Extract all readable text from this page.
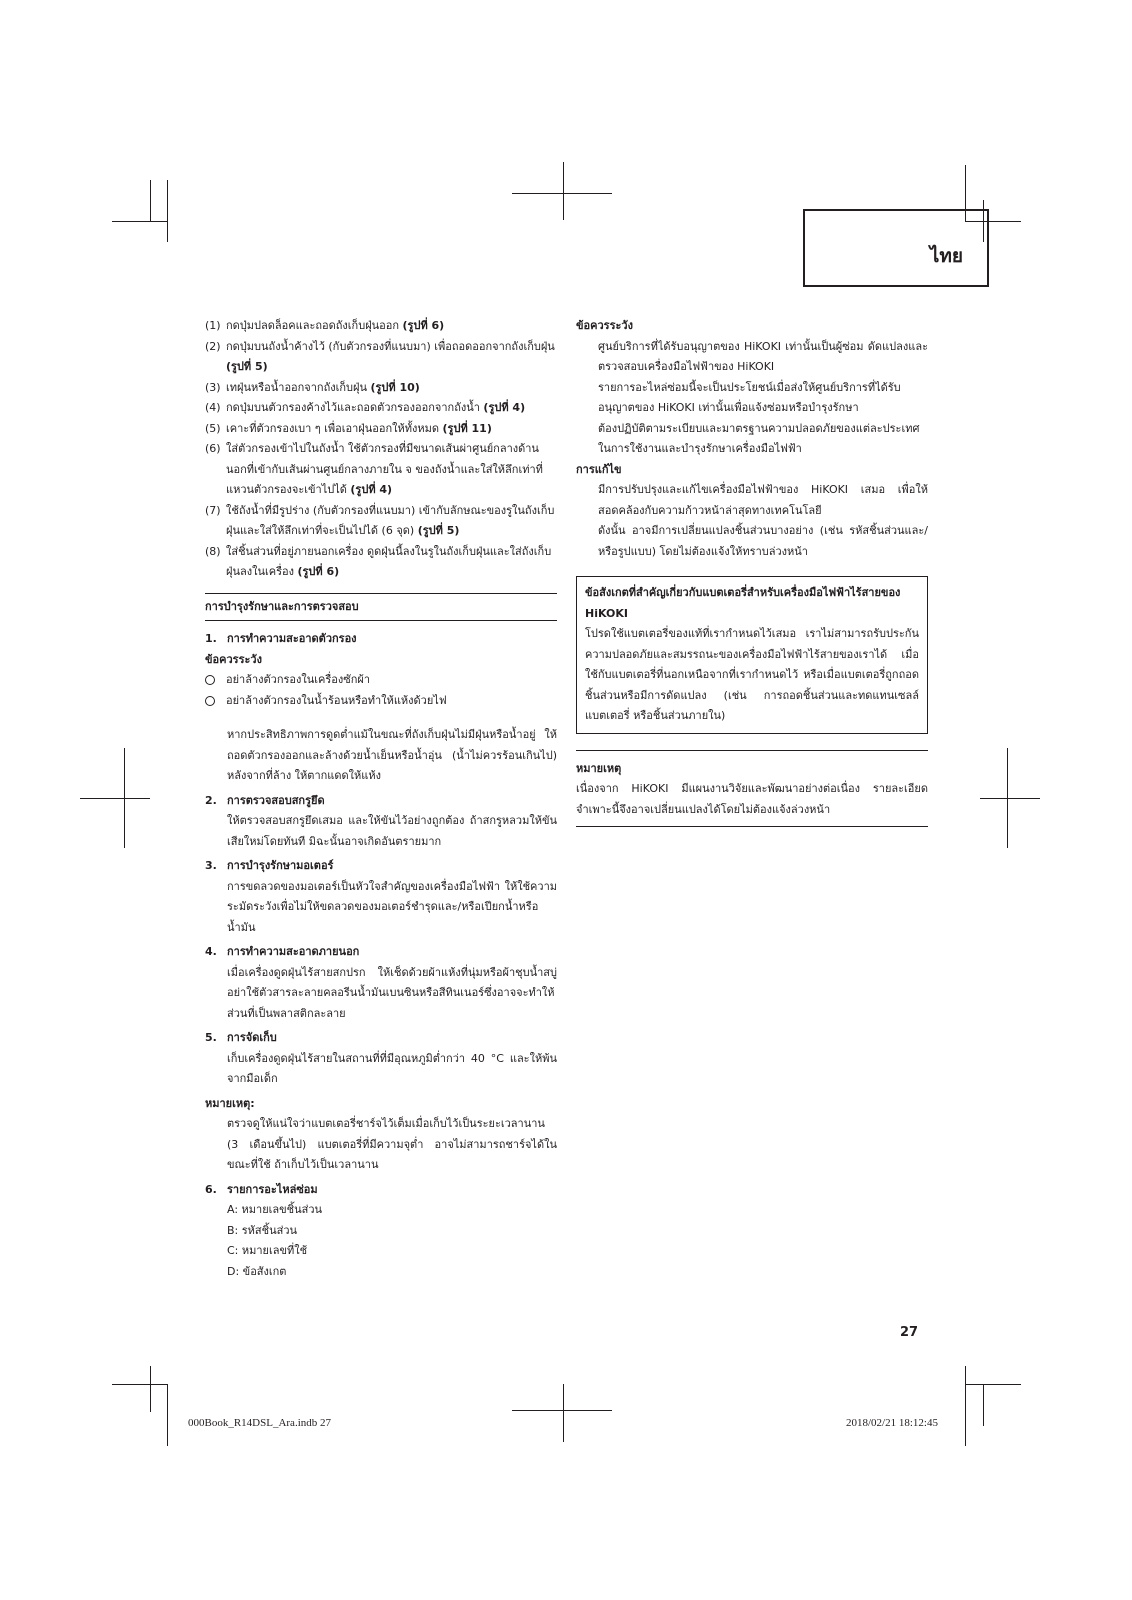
ไทย
(1) กดปุ่มปลดล็อคและถอดถังเก็บฝุ่นออก (รูปที่ 6)
(2) กดปุ่มบนถังน้ำค้างไว้ (กับตัวกรองที่แนบมา) เพื่อถอดออกจากถังเก็บฝุ่น (รูปที่ 5)
(3) เทฝุ่นหรือน้ำออกจากถังเก็บฝุ่น (รูปที่ 10)
(4) กดปุ่มบนตัวกรองค้างไว้และถอดตัวกรองออกจากถังน้ำ (รูปที่ 4)
(5) เคาะที่ตัวกรองเบา ๆ เพื่อเอาฝุ่นออกให้ทั้งหมด (รูปที่ 11)
(6) ใส่ตัวกรองเข้าไปในถังน้ำ ใช้ตัวกรองที่มีขนาดเส้นผ่าศูนย์กลางด้านนอกที่เข้ากับเส้นผ่านศูนย์กลางภายใน จ ของถังน้ำและใส่ให้ลึกเท่าที่แหวนตัวกรองจะเข้าไปได้ (รูปที่ 4)
(7) ใช้ถังน้ำที่มีรูปร่าง (กับตัวกรองที่แนบมา) เข้ากับลักษณะของรูในถังเก็บฝุ่นและใส่ให้ลึกเท่าที่จะเป็นไปได้ (6 จุด) (รูปที่ 5)
(8) ใส่ชิ้นส่วนที่อยู่ภายนอกเครื่อง ดูดฝุ่นนี้ลงในรูในถังเก็บฝุ่นและใส่ถังเก็บฝุ่นลงในเครื่อง (รูปที่ 6)
การบำรุงรักษาและการตรวจสอบ
1. การทำความสะอาดตัวกรอง
ข้อควรระวัง
อย่าล้างตัวกรองในเครื่องซักผ้า
อย่าล้างตัวกรองในน้ำร้อนหรือทำให้แห้งด้วยไฟ
หากประสิทธิภาพการดูดต่ำแม้ในขณะที่ถังเก็บฝุ่นไม่มีฝุ่นหรือน้ำอยู่ ให้ถอดตัวกรองออกและล้างด้วยน้ำเย็นหรือน้ำอุ่น (น้ำไม่ควรร้อนเกินไป) หลังจากที่ล้าง ให้ตากแดดให้แห้ง
2. การตรวจสอบสกรูยึด
ให้ตรวจสอบสกรูยึดเสมอ และให้ขันไว้อย่างถูกต้อง ถ้าสกรูหลวมให้ขันเสียใหม่โดยทันที มิฉะนั้นอาจเกิดอันตรายมาก
3. การบำรุงรักษามอเตอร์
การขดลวดของมอเตอร์เป็นหัวใจสำคัญของเครื่องมือไฟฟ้า ให้ใช้ความระมัดระวังเพื่อไม่ให้ขดลวดของมอเตอร์ชำรุดและ/หรือเปียกน้ำหรือน้ำมัน
4. การทำความสะอาดภายนอก
เมื่อเครื่องดูดฝุ่นไร้สายสกปรก ให้เช็ดด้วยผ้าแห้งที่นุ่มหรือผ้าชุบน้ำสบู่ อย่าใช้ตัวสารละลายคลอรีนน้ำมันเบนซินหรือสีทินเนอร์ซึ่งอาจจะทำให้ส่วนที่เป็นพลาสติกละลาย
5. การจัดเก็บ
เก็บเครื่องดูดฝุ่นไร้สายในสถานที่ที่มีอุณหภูมิต่ำกว่า 40 °C และให้พ้นจากมือเด็ก
หมายเหตุ:
ตรวจดูให้แน่ใจว่าแบตเตอรี่ชาร์จไว้เต็มเมื่อเก็บไว้เป็นระยะเวลานาน (3 เดือนขึ้นไป) แบตเตอรี่ที่มีความจุต่ำ อาจไม่สามารถชาร์จได้ในขณะที่ใช้ ถ้าเก็บไว้เป็นเวลานาน
6. รายการอะไหล่ซ่อม
A: หมายเลขชิ้นส่วน
B: รหัสชิ้นส่วน
C: หมายเลขที่ใช้
D: ข้อสังเกต
ข้อควรระวัง
ศูนย์บริการที่ได้รับอนุญาตของ HiKOKI เท่านั้นเป็นผู้ซ่อม ดัดแปลงและตรวจสอบเครื่องมือไฟฟ้าของ HiKOKI
รายการอะไหล่ซ่อมนี้จะเป็นประโยชน์เมื่อส่งให้ศูนย์บริการที่ได้รับอนุญาตของ HiKOKI เท่านั้นเพื่อแจ้งซ่อมหรือบำรุงรักษา
ต้องปฏิบัติตามระเบียบและมาตรฐานความปลอดภัยของแต่ละประเทศในการใช้งานและบำรุงรักษาเครื่องมือไฟฟ้า
การแก้ไข
มีการปรับปรุงและแก้ไขเครื่องมือไฟฟ้าของ HiKOKI เสมอ เพื่อให้สอดคล้องกับความก้าวหน้าล่าสุดทางเทคโนโลยี
ดังนั้น อาจมีการเปลี่ยนแปลงชิ้นส่วนบางอย่าง (เช่น รหัสชิ้นส่วนและ/ หรือรูปแบบ) โดยไม่ต้องแจ้งให้ทราบล่วงหน้า
ข้อสังเกตที่สำคัญเกี่ยวกับแบตเตอรี่สำหรับเครื่องมือไฟฟ้าไร้สายของ HiKOKI
โปรดใช้แบตเตอรี่ของแท้ที่เรากำหนดไว้เสมอ เราไม่สามารถรับประกันความปลอดภัยและสมรรถนะของเครื่องมือไฟฟ้าไร้สายของเราได้ เมื่อใช้กับแบตเตอรี่ที่นอกเหนือจากที่เรากำหนดไว้ หรือเมื่อแบตเตอรี่ถูกถอดชิ้นส่วนหรือมีการดัดแปลง (เช่น การถอดชิ้นส่วนและทดแทนเซลล์แบตเตอรี่ หรือชิ้นส่วนภายใน)
หมายเหตุ
เนื่องจาก HiKOKI มีแผนงานวิจัยและพัฒนาอย่างต่อเนื่อง รายละเอียดจำเพาะนี้จึงอาจเปลี่ยนแปลงได้โดยไม่ต้องแจ้งล่วงหน้า
27
000Book_R14DSL_Ara.indb 27	2018/02/21 18:12:45
